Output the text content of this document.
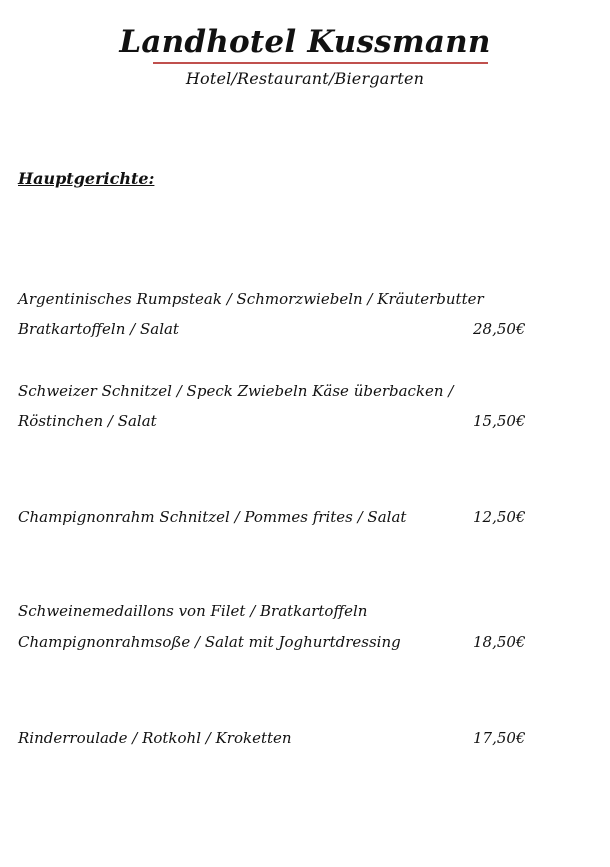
Landhotel Kussmann
Hotel/Restaurant/Biergarten
Hauptgerichte:
Argentinisches Rumpsteak / Schmorzwiebeln / Kräuterbutter
Bratkartoffeln / Salat	28,50€
Schweizer Schnitzel / Speck Zwiebeln Käse überbacken /
Röstinchen / Salat	15,50€
Champignonrahm Schnitzel / Pommes frites / Salat	12,50€
Schweinemedaillons von Filet / Bratkartoffeln
Champignonrahmsoße / Salat mit Joghurtdressing	18,50€
Rinderroulade / Rotkohl / Kroketten	17,50€
